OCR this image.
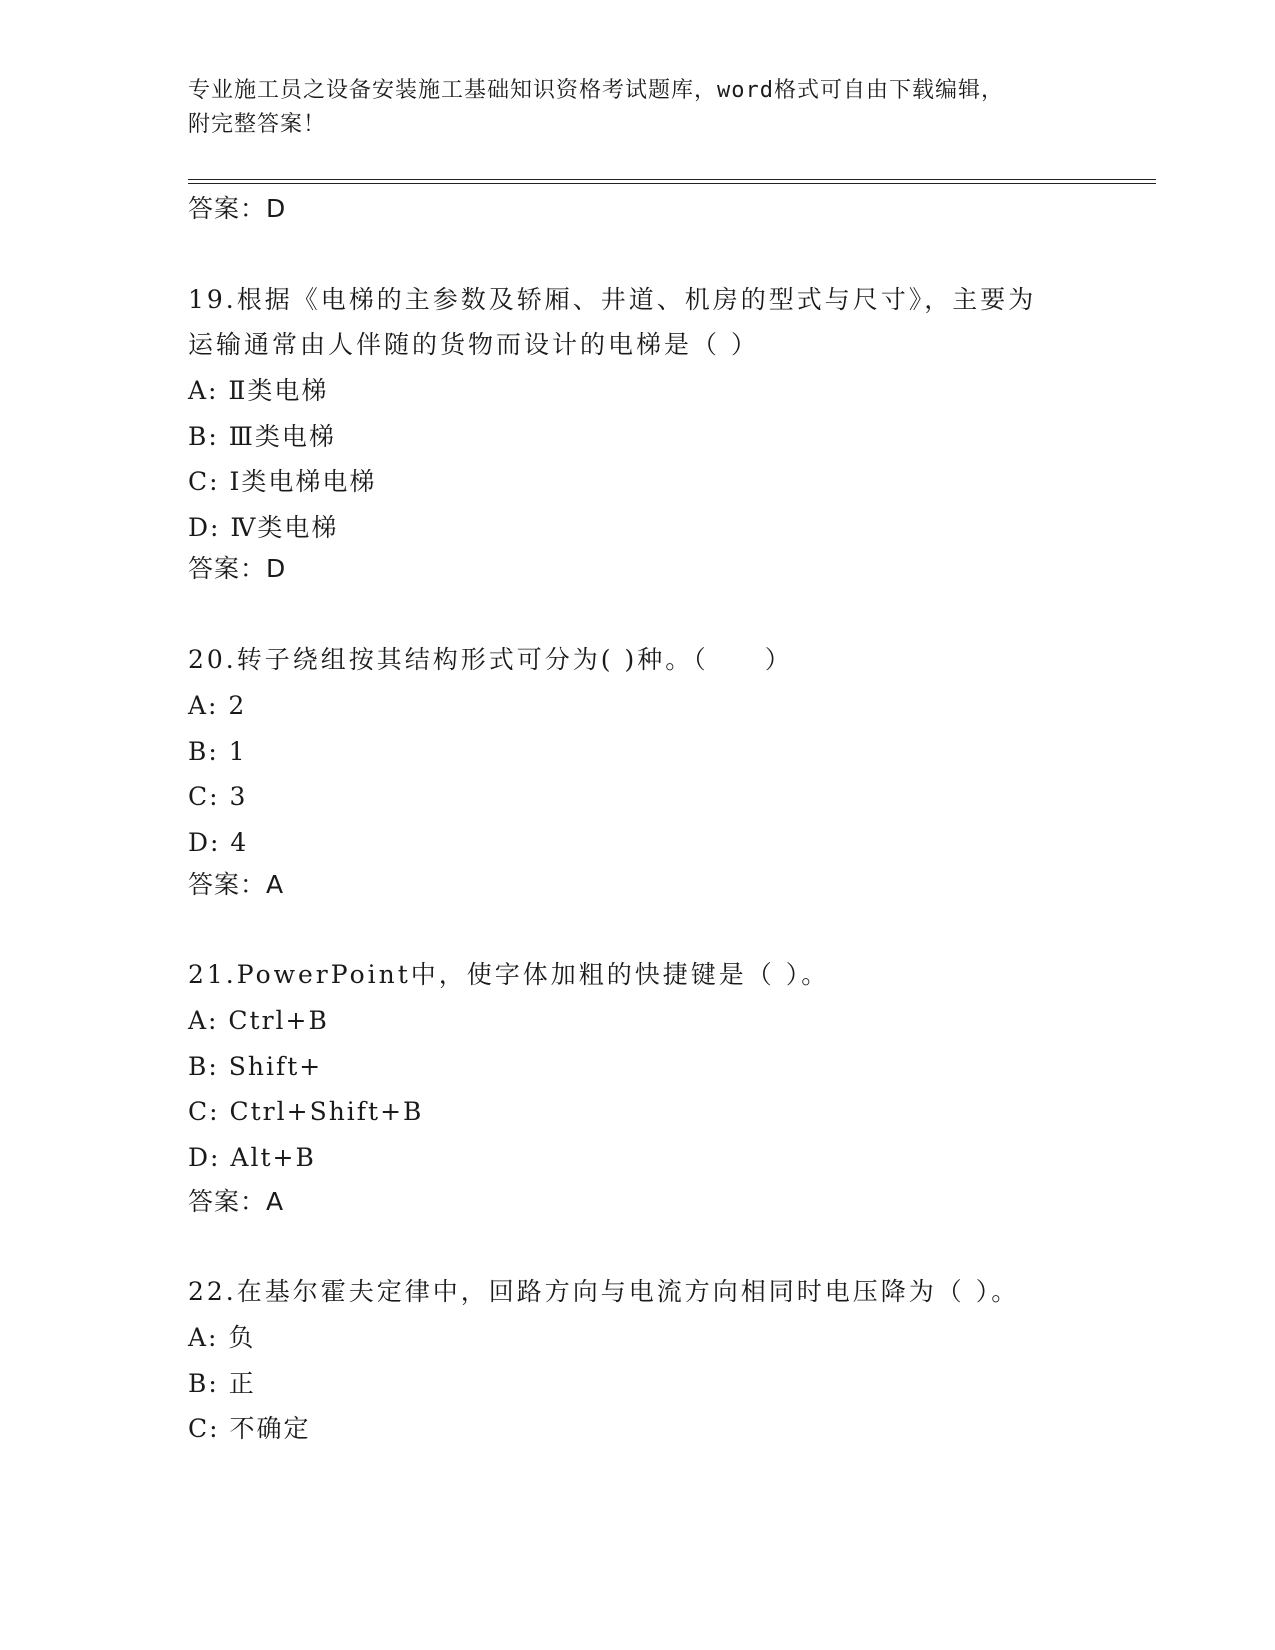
专业施工员之设备安装施工基础知识资格考试题库，word格式可自由下载编辑，
附完整答案！
答案：D
19.根据《电梯的主参数及轿厢、井道、机房的型式与尺寸》，主要为
运输通常由人伴随的货物而设计的电梯是（ ）
A: Ⅱ类电梯
B: Ⅲ类电梯
C: Ⅰ类电梯电梯
D: Ⅳ类电梯
答案：D
20.转子绕组按其结构形式可分为( )种。（　　）
A: 2
B: 1
C: 3
D: 4
答案：A
21.PowerPoint中，使字体加粗的快捷键是（ ）。
A: Ctrl+B
B: Shift+
C: Ctrl+Shift+B
D: Alt+B
答案：A
22.在基尔霍夫定律中，回路方向与电流方向相同时电压降为（ ）。
A: 负
B: 正
C: 不确定
